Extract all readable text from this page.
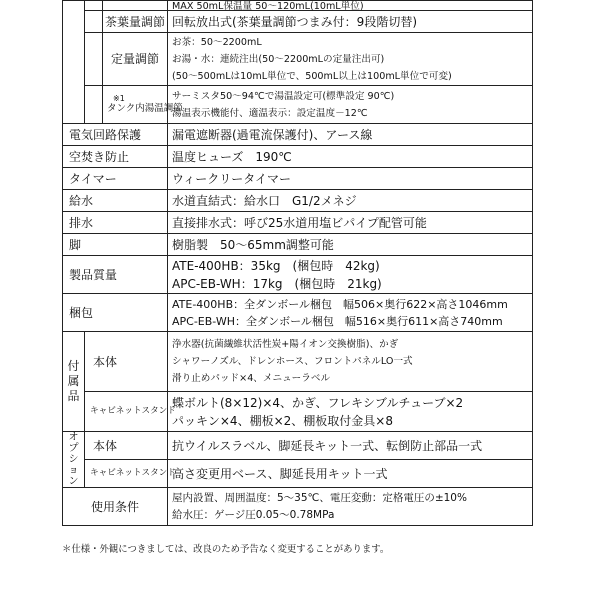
			MAX 50mL保温量 50～120mL(10mL単位)
		茶葉量調節	回転放出式(茶葉量調節つまみ付：9段階切替)
		定量調節	お茶：50～2200mL
お湯・水：連続注出(50～2200mLの定量注出可)
(50～500mLは10mL単位で、500mL以上は100mL単位で可変)

		※1
タンク内湯温調節	サーミスタ50～94℃で湯温設定可(標準設定 90℃)
湯温表示機能付、適温表示：設定温度－12℃

電気回路保護			漏電遮断器(過電流保護付)、アース線
空焚き防止			温度ヒューズ　190℃
タイマー			ウィークリータイマー
給水			水道直結式：給水口　G1/2メネジ
排水			直接排水式：呼び25水道用塩ビパイプ配管可能
脚			樹脂製　50～65mm調整可能
製品質量			ATE-400HB：35kg　(梱包時　42kg)
APC-EB-WH：17kg　(梱包時　21kg)

梱包			ATE-400HB：全ダンボール梱包　幅506×奥行622×高さ1046mm
APC-EB-WH：全ダンボール梱包　幅516×奥行611×高さ740mm

付
属
品	本体		浄水器(抗菌繊維状活性炭+陽イオン交換樹脂)、かぎ
シャワーノズル、ドレンホース、フロントパネルLO一式
滑り止めパッド×4、メニューラベル

	キャビネットスタンド		蝶ボルト(8×12)×4、かぎ、フレキシブルチューブ×2
パッキン×4、棚板×2、棚板取付金具×8

オ
プ
シ
ョ
ン	本体		抗ウイルスラベル、脚延長キット一式、転倒防止部品一式
	キャビネットスタンド		高さ変更用ベース、脚延長用キット一式
使用条件			屋内設置、周囲温度：5～35℃、電圧変動：定格電圧の±10%
給水圧：ゲージ圧0.05～0.78MPa
＊仕様・外観につきましては、改良のため予告なく変更することがあります。
